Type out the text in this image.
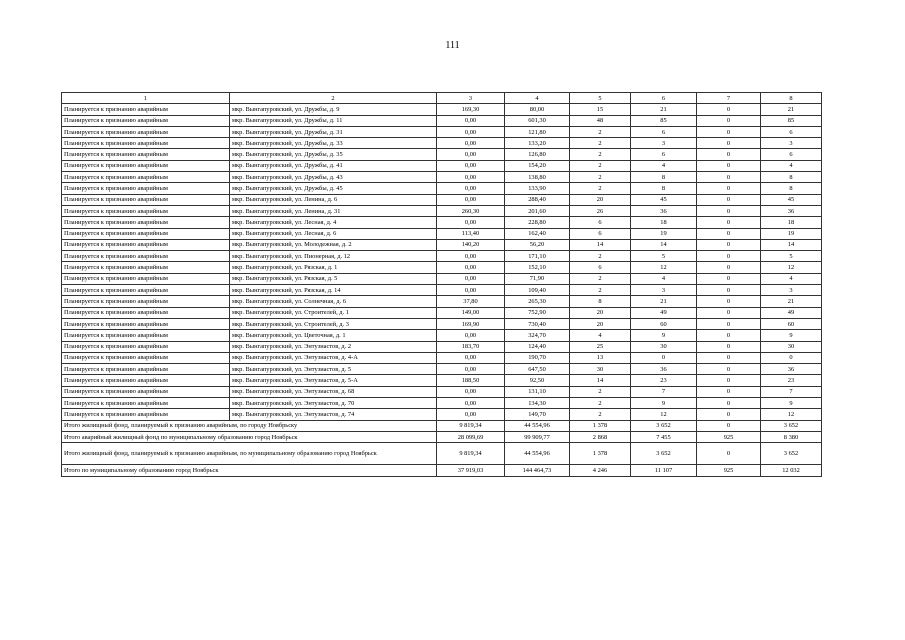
111
1	2	3	4	5	6	7	8
Планируется к признанию аварийным	мкр. Вынгапуровский, ул. Дружбы, д. 9	169,30	80,00	15	21	0	21
Планируется к признанию аварийным	мкр. Вынгапуровский, ул. Дружбы, д. 11	0,00	601,30	48	85	0	85
Планируется к признанию аварийным	мкр. Вынгапуровский, ул. Дружбы, д. 31	0,00	121,80	2	6	0	6
Планируется к признанию аварийным	мкр. Вынгапуровский, ул. Дружбы, д. 33	0,00	133,20	2	3	0	3
Планируется к признанию аварийным	мкр. Вынгапуровский, ул. Дружбы, д. 35	0,00	126,80	2	6	0	6
Планируется к признанию аварийным	мкр. Вынгапуровский, ул. Дружбы, д. 41	0,00	154,20	2	4	0	4
Планируется к признанию аварийным	мкр. Вынгапуровский, ул. Дружбы, д. 43	0,00	138,80	2	8	0	8
Планируется к признанию аварийным	мкр. Вынгапуровский, ул. Дружбы, д. 45	0,00	133,90	2	8	0	8
Планируется к признанию аварийным	мкр. Вынгапуровский, ул. Ленина, д. 6	0,00	288,40	20	45	0	45
Планируется к признанию аварийным	мкр. Вынгапуровский, ул. Ленина, д. 31	260,30	201,60	26	36	0	36
Планируется к признанию аварийным	мкр. Вынгапуровский, ул. Лесная, д. 4	0,00	228,80	6	18	0	18
Планируется к признанию аварийным	мкр. Вынгапуровский, ул. Лесная, д. 6	113,40	162,40	6	19	0	19
Планируется к признанию аварийным	мкр. Вынгапуровский, ул. Молодежная, д. 2	140,20	56,20	14	14	0	14
Планируется к признанию аварийным	мкр. Вынгапуровский, ул. Пионерная, д. 12	0,00	171,10	2	5	0	5
Планируется к признанию аварийным	мкр. Вынгапуровский, ул. Рязская, д. 1	0,00	152,10	6	12	0	12
Планируется к признанию аварийным	мкр. Вынгапуровский, ул. Рязская, д. 5	0,00	71,90	2	4	0	4
Планируется к признанию аварийным	мкр. Вынгапуровский, ул. Рязская, д. 14	0,00	109,40	2	3	0	3
Планируется к признанию аварийным	мкр. Вынгапуровский, ул. Солнечная, д. 6	37,80	265,30	8	21	0	21
Планируется к признанию аварийным	мкр. Вынгапуровский, ул. Строителей, д. 1	149,00	752,90	20	49	0	49
Планируется к признанию аварийным	мкр. Вынгапуровский, ул. Строителей, д. 3	169,90	730,40	20	60	0	60
Планируется к признанию аварийным	мкр. Вынгапуровский, ул. Цветочная, д. 1	0,00	324,70	4	9	0	9
Планируется к признанию аварийным	мкр. Вынгапуровский, ул. Энтузиастов, д. 2	183,70	124,40	25	30	0	30
Планируется к признанию аварийным	мкр. Вынгапуровский, ул. Энтузиастов, д. 4-А	0,00	190,70	13	0	0	0
Планируется к признанию аварийным	мкр. Вынгапуровский, ул. Энтузиастов, д. 5	0,00	647,50	30	36	0	36
Планируется к признанию аварийным	мкр. Вынгапуровский, ул. Энтузиастов, д. 5-А	188,50	92,50	14	23	0	23
Планируется к признанию аварийным	мкр. Вынгапуровский, ул. Энтузиастов, д. 68	0,00	131,10	2	7	0	7
Планируется к признанию аварийным	мкр. Вынгапуровский, ул. Энтузиастов, д. 70	0,00	134,30	2	9	0	9
Планируется к признанию аварийным	мкр. Вынгапуровский, ул. Энтузиастов, д. 74	0,00	149,70	2	12	0	12
Итого жилищный фонд, планируемый к признанию аварийным, по городу Ноябрьску		9 819,34	44 554,96	1 378	3 652	0	3 652
Итого аварийный жилищный фонд по муниципальному образованию город Ноябрьск		28 099,69	99 909,77	2 868	7 455	925	8 380
Итого жилищный фонд, планируемый к признанию аварийным, по муниципальному образованию город Ноябрьск		9 819,34	44 554,96	1 378	3 652	0	3 652
Итого по муниципальному образованию город Ноябрьск		37 919,03	144 464,73	4 246	11 107	925	12 032
